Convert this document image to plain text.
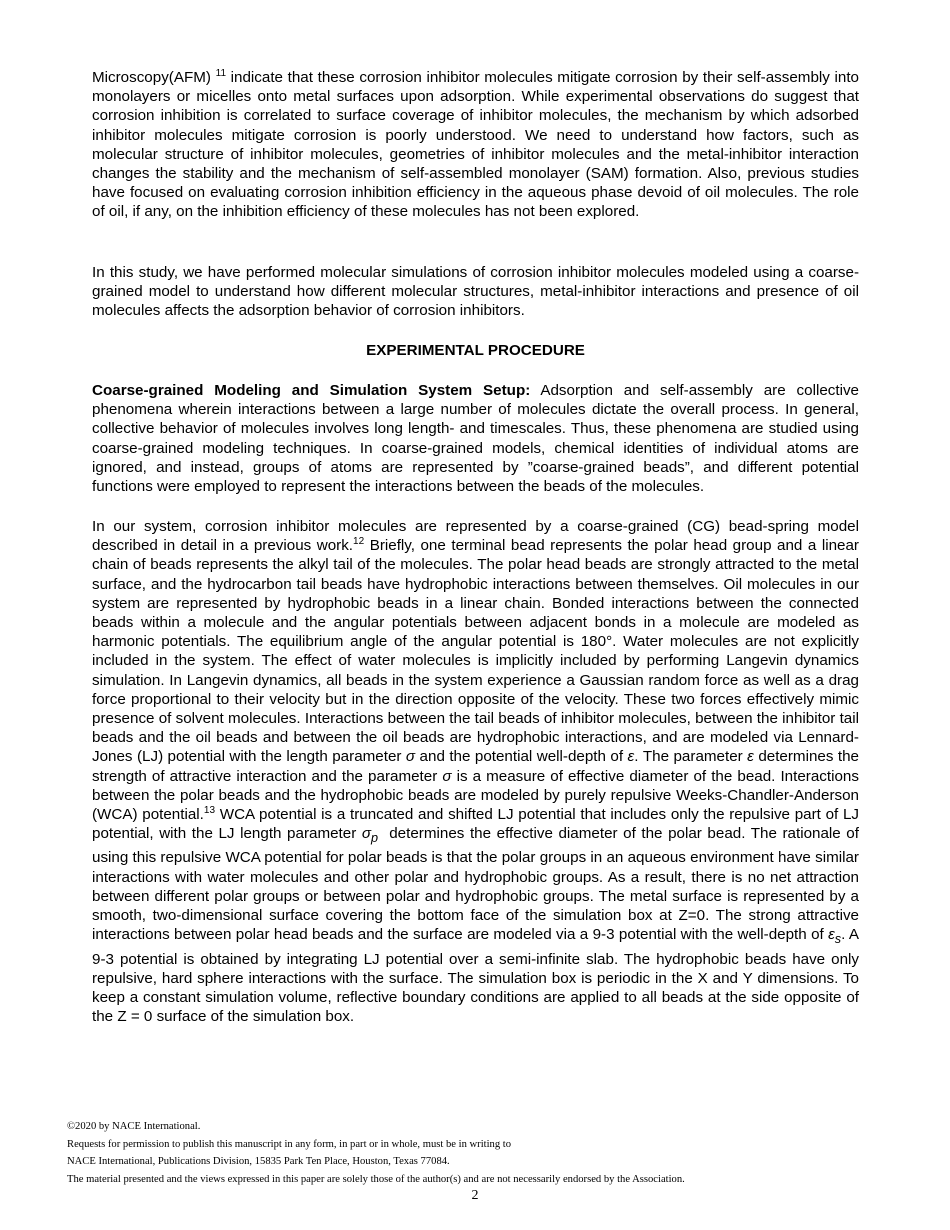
Microscopy(AFM) $^{11}$ indicate that these corrosion inhibitor molecules mitigate corrosion by their self-assembly into monolayers or micelles onto metal surfaces upon adsorption. While experimental observations do suggest that corrosion inhibition is correlated to surface coverage of inhibitor molecules, the mechanism by which adsorbed inhibitor molecules mitigate corrosion is poorly understood. We need to understand how factors, such as molecular structure of inhibitor molecules, geometries of inhibitor molecules and the metal-inhibitor interaction changes the stability and the mechanism of self-assembled monolayer (SAM) formation. Also, previous studies have focused on evaluating corrosion inhibition efficiency in the aqueous phase devoid of oil molecules. The role of oil, if any, on the inhibition efficiency of these molecules has not been explored.

In this study, we have performed molecular simulations of corrosion inhibitor molecules modeled using a coarse-grained model to understand how different molecular structures, metal-inhibitor interactions and presence of oil molecules affects the adsorption behavior of corrosion inhibitors.

EXPERIMENTAL PROCEDURE

Coarse-grained Modeling and Simulation System Setup: Adsorption and self-assembly are collective phenomena wherein interactions between a large number of molecules dictate the overall process. In general, collective behavior of molecules involves long length- and timescales. Thus, these phenomena are studied using coarse-grained modeling techniques. In coarse-grained models, chemical identities of individual atoms are ignored, and instead, groups of atoms are represented by ”coarse-grained beads”, and different potential functions were employed to represent the interactions between the beads of the molecules.

In our system, corrosion inhibitor molecules are represented by a coarse-grained (CG) bead-spring model described in detail in a previous work.$^{12}$ Briefly, one terminal bead represents the polar head group and a linear chain of beads represents the alkyl tail of the molecules. The polar head beads are strongly attracted to the metal surface, and the hydrocarbon tail beads have hydrophobic interactions between themselves. Oil molecules in our system are represented by hydrophobic beads in a linear chain. Bonded interactions between the connected beads within a molecule and the angular potentials between adjacent bonds in a molecule are modeled as harmonic potentials. The equilibrium angle of the angular potential is 180°. Water molecules are not explicitly included in the system. The effect of water molecules is implicitly included by performing Langevin dynamics simulation. In Langevin dynamics, all beads in the system experience a Gaussian random force as well as a drag force proportional to their velocity but in the direction opposite of the velocity. These two forces effectively mimic presence of solvent molecules. Interactions between the tail beads of inhibitor molecules, between the inhibitor tail beads and the oil beads and between the oil beads are hydrophobic interactions, and are modeled via Lennard-Jones (LJ) potential with the length parameter σ and the potential well-depth of ε. The parameter ε determines the strength of attractive interaction and the parameter σ is a measure of effective diameter of the bead. Interactions between the polar beads and the hydrophobic beads are modeled by purely repulsive Weeks-Chandler-Anderson (WCA) potential.$^{13}$ WCA potential is a truncated and shifted LJ potential that includes only the repulsive part of LJ potential, with the LJ length parameter $\sigma_p$ determines the effective diameter of the polar bead. The rationale of using this repulsive WCA potential for polar beads is that the polar groups in an aqueous environment have similar interactions with water molecules and other polar and hydrophobic groups. As a result, there is no net attraction between different polar groups or between polar and hydrophobic groups. The metal surface is represented by a smooth, two-dimensional surface covering the bottom face of the simulation box at Z=0. The strong attractive interactions between polar head beads and the surface are modeled via a 9-3 potential with the well-depth of $\varepsilon_s$. A 9-3 potential is obtained by integrating LJ potential over a semi-infinite slab. The hydrophobic beads have only repulsive, hard sphere interactions with the surface. The simulation box is periodic in the X and Y dimensions. To keep a constant simulation volume, reflective boundary conditions are applied to all beads at the side opposite of the Z = 0 surface of the simulation box.

©2020 by NACE International.
Requests for permission to publish this manuscript in any form, in part or in whole, must be in writing to
NACE International, Publications Division, 15835 Park Ten Place, Houston, Texas 77084.
The material presented and the views expressed in this paper are solely those of the author(s) and are not necessarily endorsed by the Association.
2
